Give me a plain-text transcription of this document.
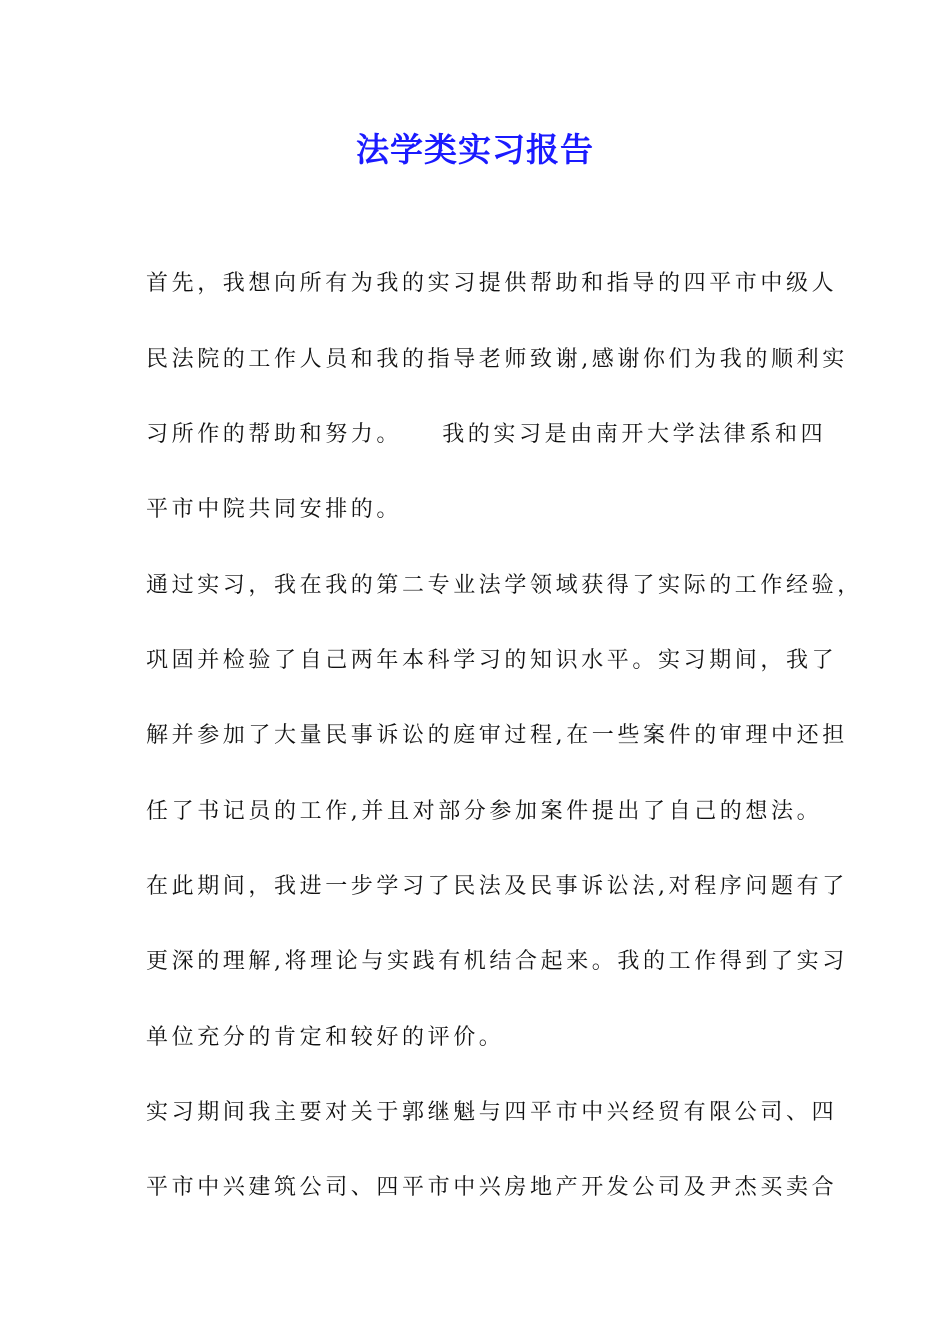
法学类实习报告
首先，我想向所有为我的实习提供帮助和指导的四平市中级人
民法院的工作人员和我的指导老师致谢,感谢你们为我的顺利实
习所作的帮助和努力。　　我的实习是由南开大学法律系和四
平市中院共同安排的。
通过实习，我在我的第二专业法学领域获得了实际的工作经验，
巩固并检验了自己两年本科学习的知识水平。实习期间，我了
解并参加了大量民事诉讼的庭审过程,在一些案件的审理中还担
任了书记员的工作,并且对部分参加案件提出了自己的想法。
在此期间，我进一步学习了民法及民事诉讼法,对程序问题有了
更深的理解,将理论与实践有机结合起来。我的工作得到了实习
单位充分的肯定和较好的评价。
实习期间我主要对关于郭继魁与四平市中兴经贸有限公司、四
平市中兴建筑公司、四平市中兴房地产开发公司及尹杰买卖合
